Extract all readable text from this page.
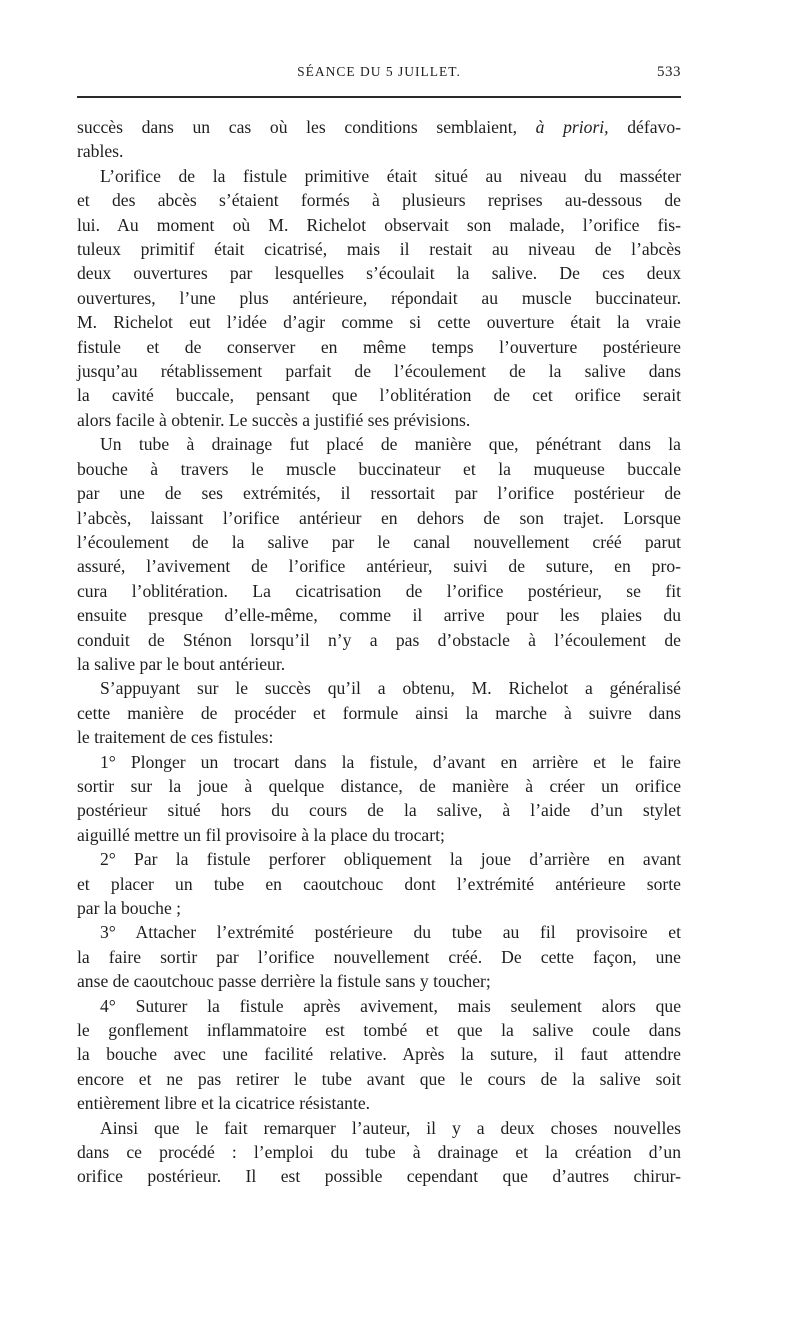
SÉANCE DU 5 JUILLET.	533
succès dans un cas où les conditions semblaient, à priori, défavo-
rables.
L’orifice de la fistule primitive était situé au niveau du masséter
et des abcès s’étaient formés à plusieurs reprises au-dessous de
lui. Au moment où M. Richelot observait son malade, l’orifice fis-
tuleux primitif était cicatrisé, mais il restait au niveau de l’abcès
deux ouvertures par lesquelles s’écoulait la salive. De ces deux
ouvertures, l’une plus antérieure, répondait au muscle buccinateur.
M. Richelot eut l’idée d’agir comme si cette ouverture était la vraie
fistule et de conserver en même temps l’ouverture postérieure
jusqu’au rétablissement parfait de l’écoulement de la salive dans
la cavité buccale, pensant que l’oblitération de cet orifice serait
alors facile à obtenir. Le succès a justifié ses prévisions.
Un tube à drainage fut placé de manière que, pénétrant dans la
bouche à travers le muscle buccinateur et la muqueuse buccale
par une de ses extrémités, il ressortait par l’orifice postérieur de
l’abcès, laissant l’orifice antérieur en dehors de son trajet. Lorsque
l’écoulement de la salive par le canal nouvellement créé parut
assuré, l’avivement de l’orifice antérieur, suivi de suture, en pro-
cura l’oblitération. La cicatrisation de l’orifice postérieur, se fit
ensuite presque d’elle-même, comme il arrive pour les plaies du
conduit de Sténon lorsqu’il n’y a pas d’obstacle à l’écoulement de
la salive par le bout antérieur.
S’appuyant sur le succès qu’il a obtenu, M. Richelot a généralisé
cette manière de procéder et formule ainsi la marche à suivre dans
le traitement de ces fistules:
1° Plonger un trocart dans la fistule, d’avant en arrière et le faire
sortir sur la joue à quelque distance, de manière à créer un orifice
postérieur situé hors du cours de la salive, à l’aide d’un stylet
aiguillé mettre un fil provisoire à la place du trocart;
2° Par la fistule perforer obliquement la joue d’arrière en avant
et placer un tube en caoutchouc dont l’extrémité antérieure sorte
par la bouche ;
3° Attacher l’extrémité postérieure du tube au fil provisoire et
la faire sortir par l’orifice nouvellement créé. De cette façon, une
anse de caoutchouc passe derrière la fistule sans y toucher;
4° Suturer la fistule après avivement, mais seulement alors que
le gonflement inflammatoire est tombé et que la salive coule dans
la bouche avec une facilité relative. Après la suture, il faut attendre
encore et ne pas retirer le tube avant que le cours de la salive soit
entièrement libre et la cicatrice résistante.
Ainsi que le fait remarquer l’auteur, il y a deux choses nouvelles
dans ce procédé : l’emploi du tube à drainage et la création d’un
orifice postérieur. Il est possible cependant que d’autres chirur-
